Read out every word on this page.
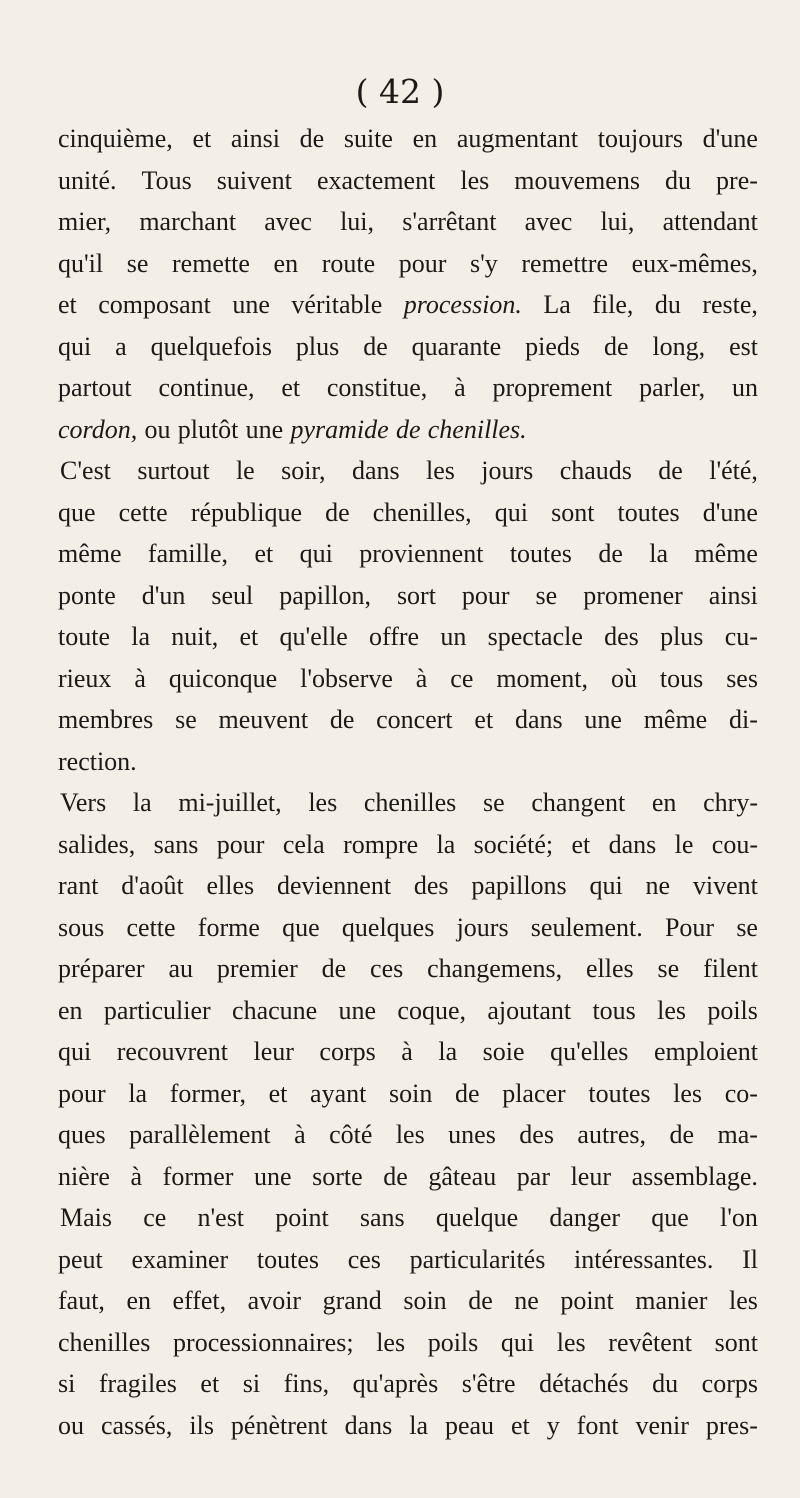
( 42 )
cinquième, et ainsi de suite en augmentant toujours d'une
unité. Tous suivent exactement les mouvemens du pre-
mier, marchant avec lui, s'arrêtant avec lui, attendant
qu'il se remette en route pour s'y remettre eux-mêmes,
et composant une véritable procession. La file, du reste,
qui a quelquefois plus de quarante pieds de long, est
partout continue, et constitue, à proprement parler, un
cordon, ou plutôt une pyramide de chenilles.
C'est surtout le soir, dans les jours chauds de l'été,
que cette république de chenilles, qui sont toutes d'une
même famille, et qui proviennent toutes de la même
ponte d'un seul papillon, sort pour se promener ainsi
toute la nuit, et qu'elle offre un spectacle des plus cu-
rieux à quiconque l'observe à ce moment, où tous ses
membres se meuvent de concert et dans une même di-
rection.
Vers la mi-juillet, les chenilles se changent en chry-
salides, sans pour cela rompre la société; et dans le cou-
rant d'août elles deviennent des papillons qui ne vivent
sous cette forme que quelques jours seulement. Pour se
préparer au premier de ces changemens, elles se filent
en particulier chacune une coque, ajoutant tous les poils
qui recouvrent leur corps à la soie qu'elles emploient
pour la former, et ayant soin de placer toutes les co-
ques parallèlement à côté les unes des autres, de ma-
nière à former une sorte de gâteau par leur assemblage.
Mais ce n'est point sans quelque danger que l'on
peut examiner toutes ces particularités intéressantes. Il
faut, en effet, avoir grand soin de ne point manier les
chenilles processionnaires; les poils qui les revêtent sont
si fragiles et si fins, qu'après s'être détachés du corps
ou cassés, ils pénètrent dans la peau et y font venir pres-
